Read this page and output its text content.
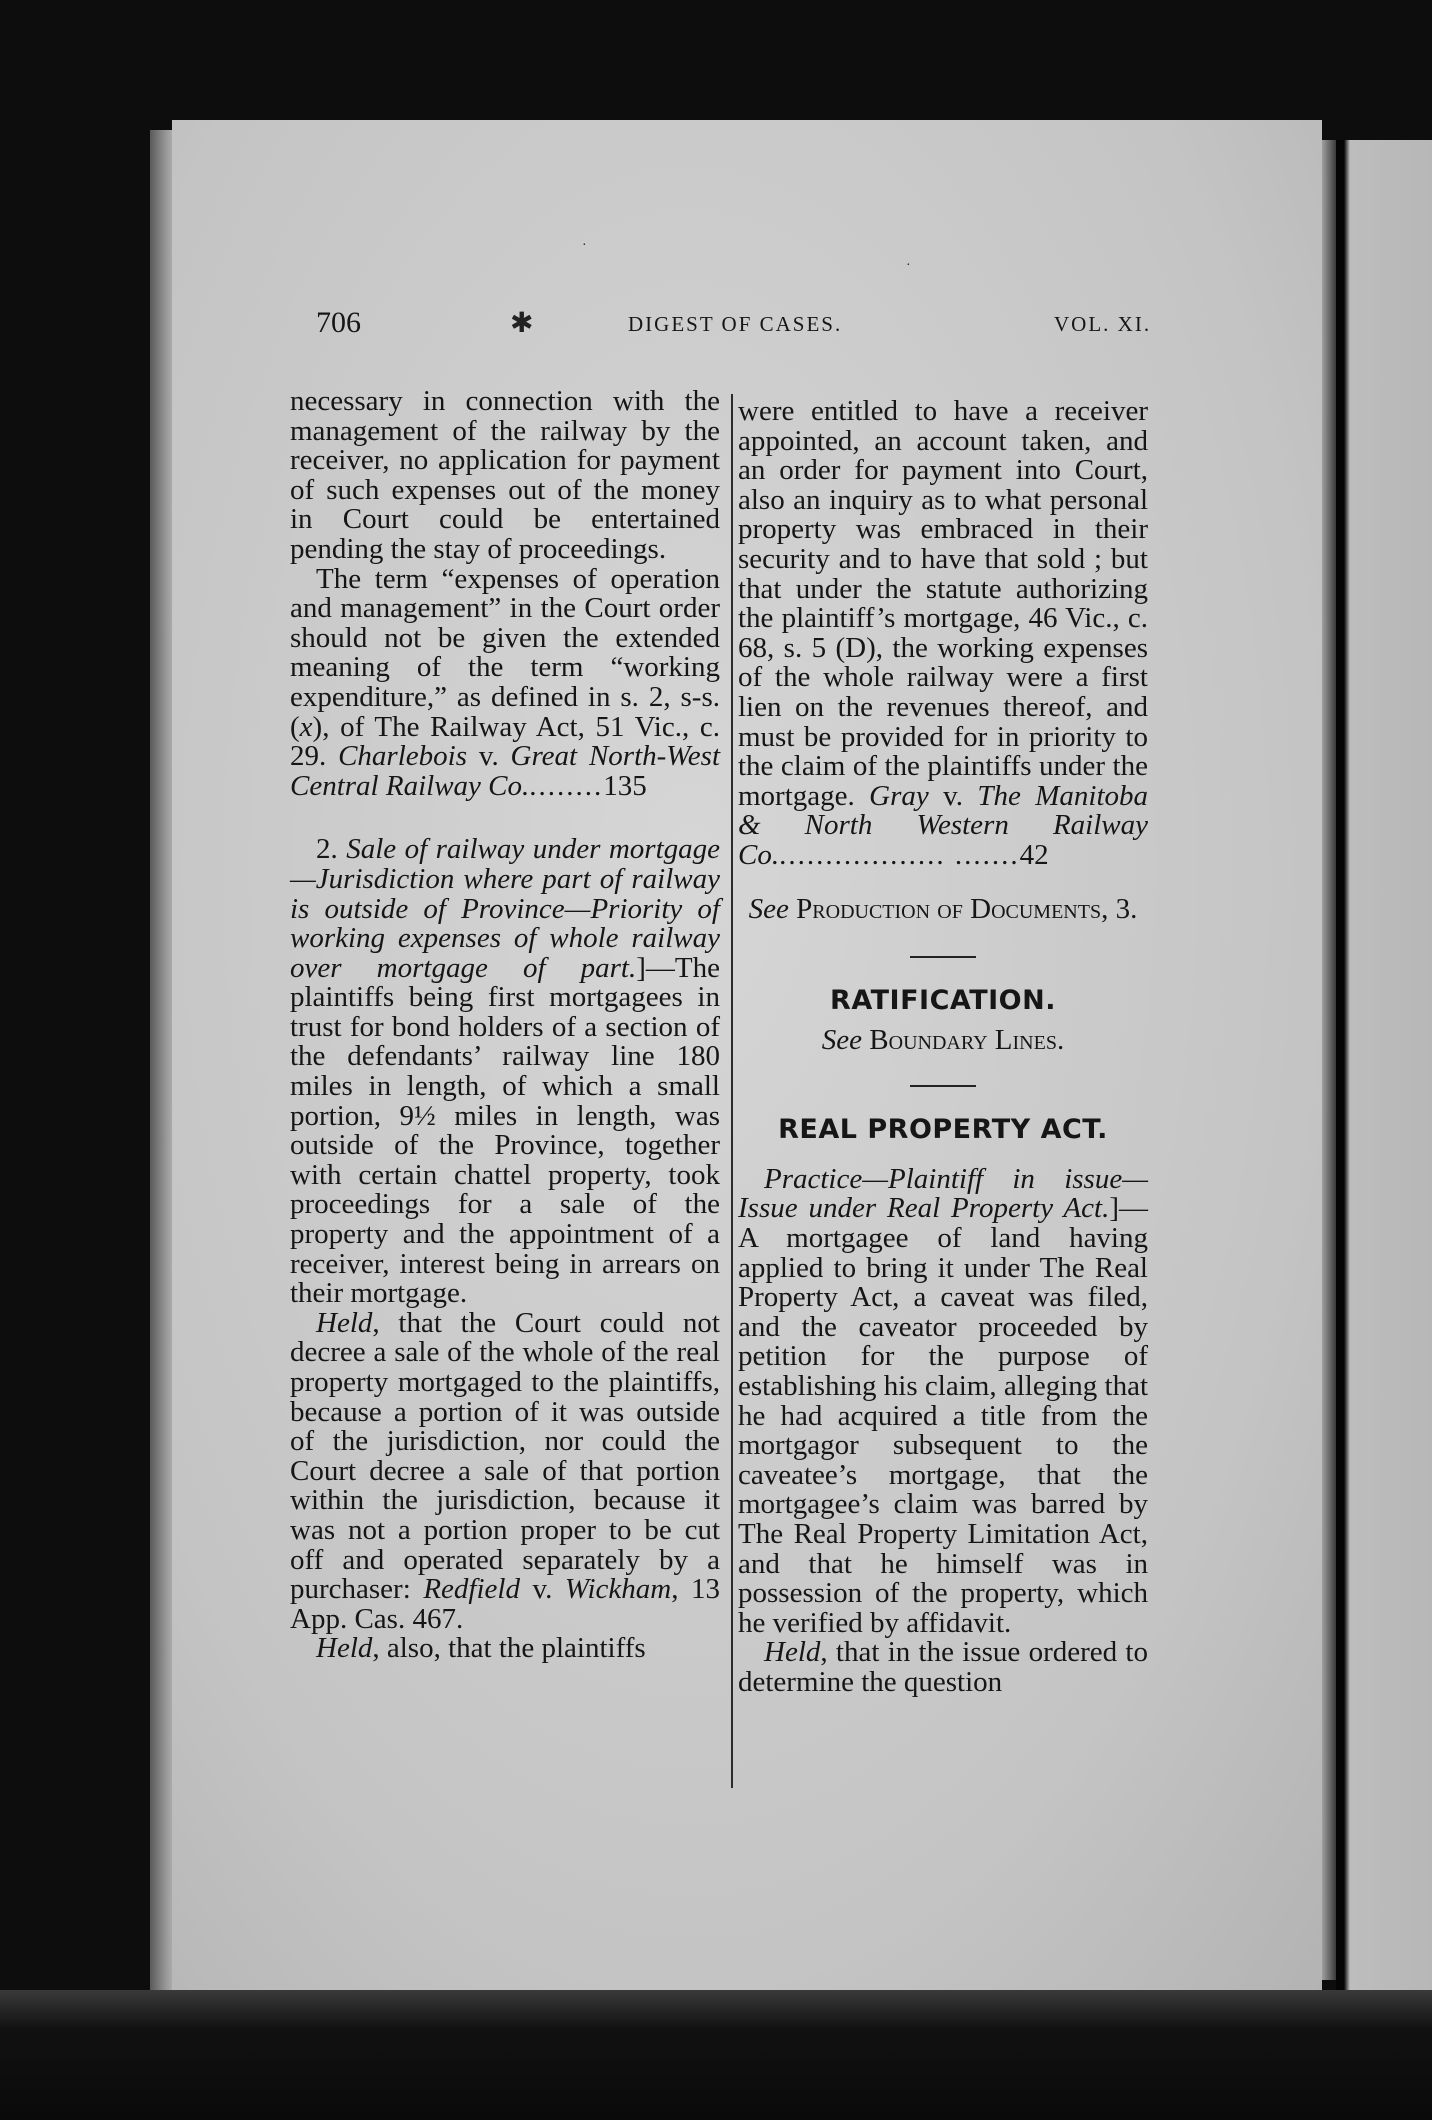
·
·
✱
706	DIGEST OF CASES.	VOL. XI.

necessary in connection with the management of the railway by the receiver, no application for payment of such expenses out of the money in Court could be entertained pending the stay of proceedings.

The term “expenses of operation and management” in the Court order should not be given the extended meaning of the term “working expenditure,” as defined in s. 2, s-s. (x), of The Railway Act, 51 Vic., c. 29. Charlebois v. Great North-West Central Railway Co.........135

2. Sale of railway under mortgage—Jurisdiction where part of railway is outside of Province—Priority of working expenses of whole railway over mortgage of part.]—The plaintiffs being first mortgagees in trust for bond holders of a section of the defendants’ railway line 180 miles in length, of which a small portion, 9½ miles in length, was outside of the Province, together with certain chattel property, took proceedings for a sale of the property and the appointment of a receiver, interest being in arrears on their mortgage.

Held, that the Court could not decree a sale of the whole of the real property mortgaged to the plaintiffs, because a portion of it was outside of the jurisdiction, nor could the Court decree a sale of that portion within the jurisdiction, because it was not a portion proper to be cut off and operated separately by a purchaser: Redfield v. Wickham, 13 App. Cas. 467.

Held, also, that the plaintiffs

were entitled to have a receiver appointed, an account taken, and an order for payment into Court, also an inquiry as to what personal property was embraced in their security and to have that sold ; but that under the statute authorizing the plaintiff’s mortgage, 46 Vic., c. 68, s. 5 (D), the working expenses of the whole railway were a first lien on the revenues thereof, and must be provided for in priority to the claim of the plaintiffs under the mortgage. Gray v. The Manitoba & North Western Railway Co................... .......42

See Production of Documents, 3.

RATIFICATION.

See Boundary Lines.

REAL PROPERTY ACT.

Practice—Plaintiff in issue—Issue under Real Property Act.]—A mortgagee of land having applied to bring it under The Real Property Act, a caveat was filed, and the caveator proceeded by petition for the purpose of establishing his claim, alleging that he had acquired a title from the mortgagor subsequent to the caveatee’s mortgage, that the mortgagee’s claim was barred by The Real Property Limitation Act, and that he himself was in possession of the property, which he verified by affidavit.

Held, that in the issue ordered to determine the question
